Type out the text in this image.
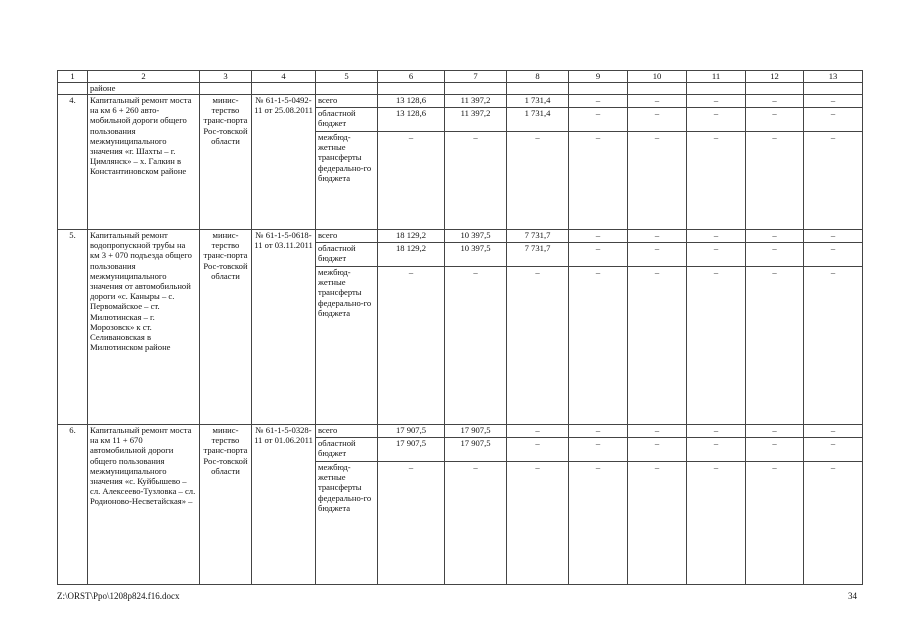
1	2	3	4	5	6	7	8	9	10	11	12	13
	районе											
4.	Капитальный ремонт моста на км 6 + 260 авто-мобильной дороги общего пользования межмуниципального значения «г. Шахты – г. Цимлянск» – х. Галкин в Константиновском районе	минис-терство транс-порта Рос-товской области	№ 61-1-5-0492-11 от 25.08.2011	всего	13 128,6	11 397,2	1 731,4	–	–	–	–	–
				областной бюджет	13 128,6	11 397,2	1 731,4	–	–	–	–	–
				межбюд-жетные трансферты федерально-го бюджета	–	–	–	–	–	–	–	–
5.	Капитальный ремонт водопропускной трубы на км 3 + 070 подъезда общего пользования межмуниципального значения от автомобильной дороги «с. Каныры – с. Первомайское – ст. Милютинская – г. Морозовск» к ст. Селивановская в Милютинском районе	минис-терство транс-порта Рос-товской области	№ 61-1-5-0618-11 от 03.11.2011	всего	18 129,2	10 397,5	7 731,7	–	–	–	–	–
				областной бюджет	18 129,2	10 397,5	7 731,7	–	–	–	–	–
				межбюд-жетные трансферты федерально-го бюджета	–	–	–	–	–	–	–	–
6.	Капитальный ремонт моста на км 11 + 670 автомобильной дороги общего пользования межмуниципального значения «с. Куйбышево – сл. Алексеево-Тузловка – сл. Родионово-Несветайская» –	минис-терство транс-порта Рос-товской области	№ 61-1-5-0328-11 от 01.06.2011	всего	17 907,5	17 907,5	–	–	–	–	–	–
				областной бюджет	17 907,5	17 907,5	–	–	–	–	–	–
				межбюд-жетные трансферты федерально-го бюджета	–	–	–	–	–	–	–	–
Z:\ORST\Ppo\1208p824.f16.docx	34
